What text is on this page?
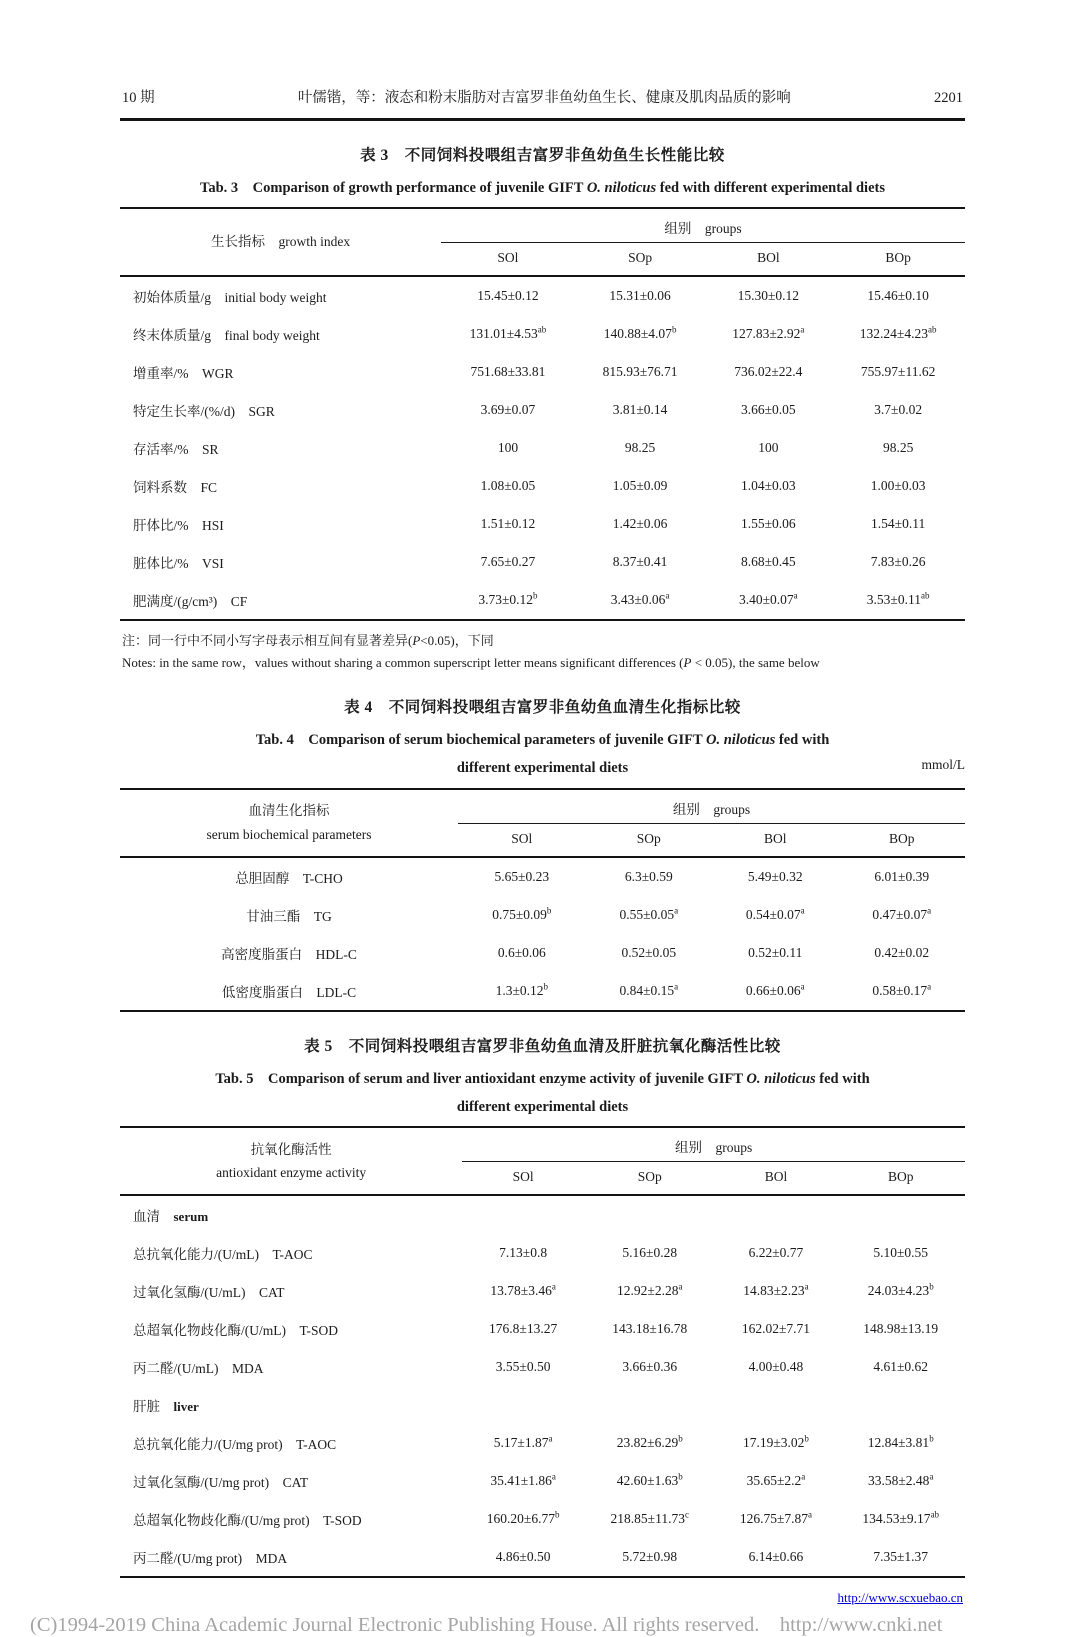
10 期	叶儒锴，等：液态和粉末脂肪对吉富罗非鱼幼鱼生长、健康及肌肉品质的影响	2201
表 3　不同饲料投喂组吉富罗非鱼幼鱼生长性能比较
Tab. 3　Comparison of growth performance of juvenile GIFT O. niloticus fed with different experimental diets
生长指标　growth index	组别　groups			
	SOl	SOp	BOl	BOp
初始体质量/g　initial body weight	15.45±0.12	15.31±0.06	15.30±0.12	15.46±0.10
终末体质量/g　final body weight	131.01±4.53$^{ab}$	140.88±4.07$^b$	127.83±2.92$^a$	132.24±4.23$^{ab}$
增重率/%　WGR	751.68±33.81	815.93±76.71	736.02±22.4	755.97±11.62
特定生长率/(%/d)　SGR	3.69±0.07	3.81±0.14	3.66±0.05	3.7±0.02
存活率/%　SR	100	98.25	100	98.25
饲料系数　FC	1.08±0.05	1.05±0.09	1.04±0.03	1.00±0.03
肝体比/%　HSI	1.51±0.12	1.42±0.06	1.55±0.06	1.54±0.11
脏体比/%　VSI	7.65±0.27	8.37±0.41	8.68±0.45	7.83±0.26
肥满度/(g/cm³)　CF	3.73±0.12$^b$	3.43±0.06$^a$	3.40±0.07$^a$	3.53±0.11$^{ab}$
注：同一行中不同小写字母表示相互间有显著差异(P<0.05)，下同
Notes: in the same row，values without sharing a common superscript letter means significant differences (P < 0.05), the same below
表 4　不同饲料投喂组吉富罗非鱼幼鱼血清生化指标比较
Tab. 4　Comparison of serum biochemical parameters of juvenile GIFT O. niloticus fed with
different experimental diets	mmol/L
血清生化指标
serum biochemical parameters	组别　groups			
	SOl	SOp	BOl	BOp
总胆固醇　T-CHO	5.65±0.23	6.3±0.59	5.49±0.32	6.01±0.39
甘油三酯　TG	0.75±0.09$^b$	0.55±0.05$^a$	0.54±0.07$^a$	0.47±0.07$^a$
高密度脂蛋白　HDL-C	0.6±0.06	0.52±0.05	0.52±0.11	0.42±0.02
低密度脂蛋白　LDL-C	1.3±0.12$^b$	0.84±0.15$^a$	0.66±0.06$^a$	0.58±0.17$^a$
表 5　不同饲料投喂组吉富罗非鱼幼鱼血清及肝脏抗氧化酶活性比较
Tab. 5　Comparison of serum and liver antioxidant enzyme activity of juvenile GIFT O. niloticus fed with
different experimental diets
抗氧化酶活性
antioxidant enzyme activity	组别　groups			
	SOl	SOp	BOl	BOp
血清　serum				
总抗氧化能力/(U/mL)　T-AOC	7.13±0.8	5.16±0.28	6.22±0.77	5.10±0.55
过氧化氢酶/(U/mL)　CAT	13.78±3.46$^a$	12.92±2.28$^a$	14.83±2.23$^a$	24.03±4.23$^b$
总超氧化物歧化酶/(U/mL)　T-SOD	176.8±13.27	143.18±16.78	162.02±7.71	148.98±13.19
丙二醛/(U/mL)　MDA	3.55±0.50	3.66±0.36	4.00±0.48	4.61±0.62
肝脏　liver				
总抗氧化能力/(U/mg prot)　T-AOC	5.17±1.87$^a$	23.82±6.29$^b$	17.19±3.02$^b$	12.84±3.81$^b$
过氧化氢酶/(U/mg prot)　CAT	35.41±1.86$^a$	42.60±1.63$^b$	35.65±2.2$^a$	33.58±2.48$^a$
总超氧化物歧化酶/(U/mg prot)　T-SOD	160.20±6.77$^b$	218.85±11.73$^c$	126.75±7.87$^a$	134.53±9.17$^{ab}$
丙二醛/(U/mg prot)　MDA	4.86±0.50	5.72±0.98	6.14±0.66	7.35±1.37
http://www.scxuebao.cn
(C)1994-2019 China Academic Journal Electronic Publishing House. All rights reserved.    http://www.cnki.net
